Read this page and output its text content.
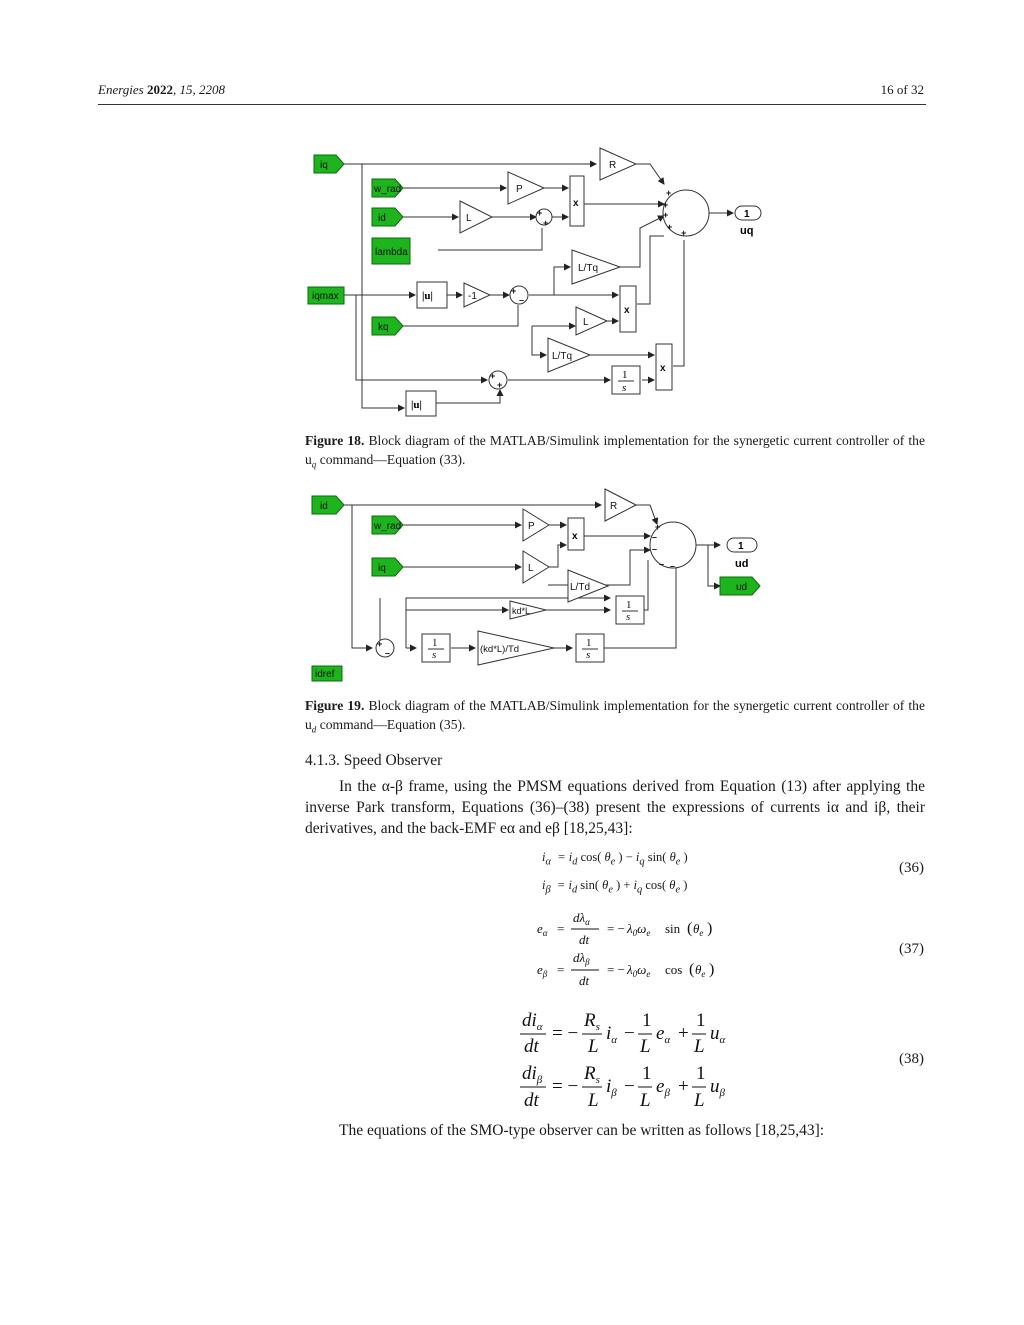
Energies 2022, 15, 2208	16 of 32
iq
w_rad
id
lambda
iqmax
kq
R
P
L
L/Tq
-1
L
L/Tq
|u|
|u|
+
+
+
–
+
+
+
+
+
+
+
x
x
x
1
s
1
uq
Figure 18. Block diagram of the MATLAB/Simulink implementation for the synergetic current controller of the $u_q$ command—Equation (33).
id
w_rad
iq
idref
ud
R
P
L
L/Td
kd*L
(kd*L)/Td
+
–
+
–
–
– –
x
1
s
1
s
1
s
1
ud
Figure 19. Block diagram of the MATLAB/Simulink implementation for the synergetic current controller of the $u_d$ command—Equation (35).
4.1.3. Speed Observer
In the α-β frame, using the PMSM equations derived from Equation (13) after applying the inverse Park transform, Equations (36)–(38) present the expressions of currents iα and iβ, their derivatives, and the back-EMF eα and eβ [18,25,43]:
$i_\alpha = i_d$ cos( $\theta_e$ ) − $i_q$ sin( $\theta_e$ )
$i_\beta = i_d$ sin( $\theta_e$ ) + $i_q$ cos( $\theta_e$ )
(36)
$e_\alpha$ =
$d\lambda_\alpha$
dt
= − $\lambda_0\omega_e$ sin ( $\theta_e$ )
$e_\beta$ =
$d\lambda_\beta$
dt
= − $\lambda_0\omega_e$ cos ( $\theta_e$ )
(37)
$di_\alpha$
dt
= −
$R_s$
L
$i_\alpha$ −
1
L
$e_\alpha$ +
1
L
$u_\alpha$
$di_\beta$
dt
= −
$R_s$
L
$i_\beta$ −
1
L
$e_\beta$ +
1
L
$u_\beta$
(38)
The equations of the SMO-type observer can be written as follows [18,25,43]:
